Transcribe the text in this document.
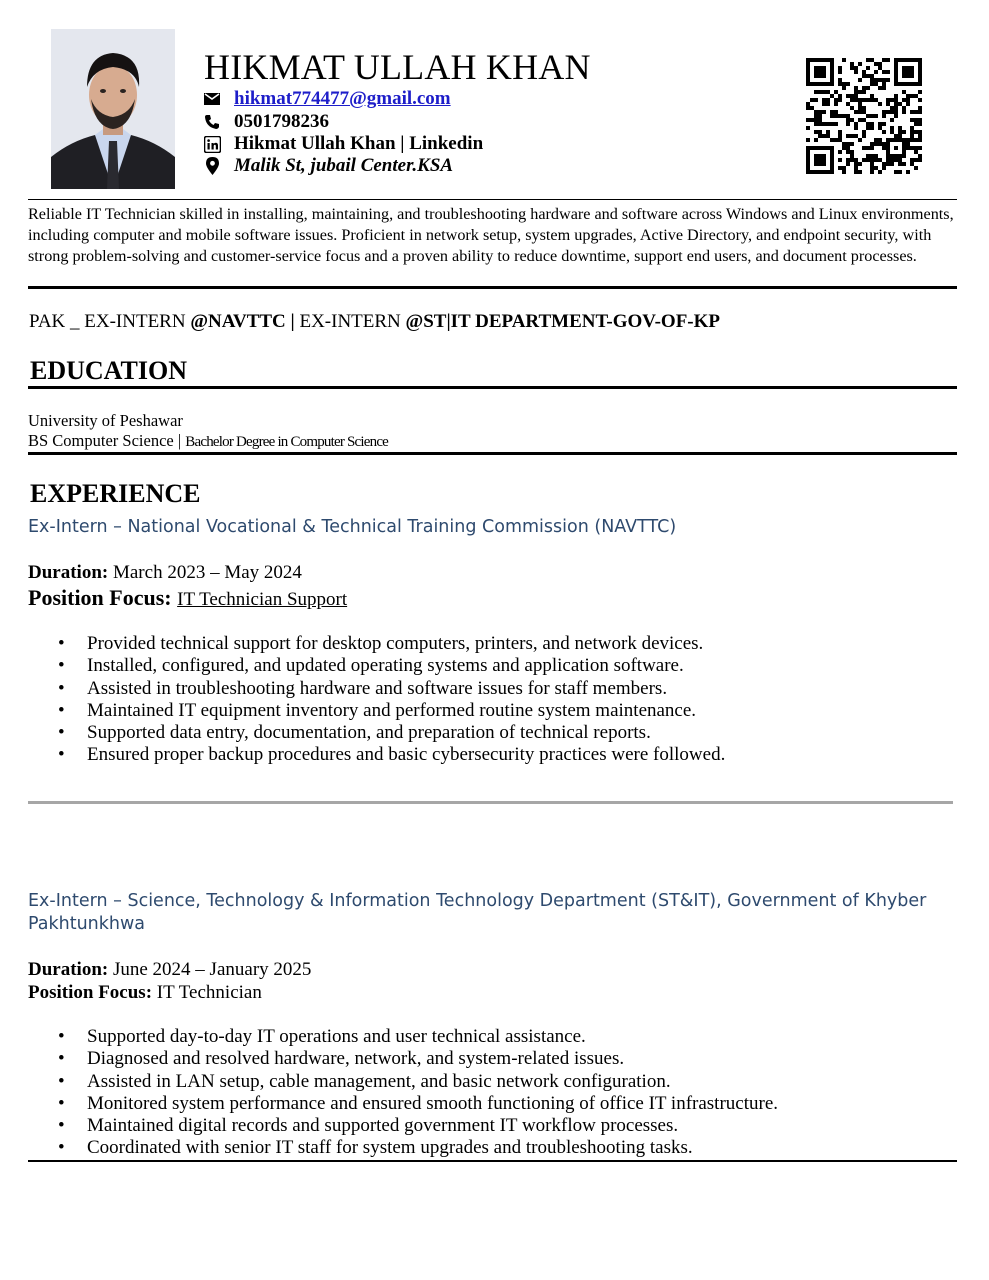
HIKMAT ULLAH KHAN
hikmat774477@gmail.com
0501798236
Hikmat Ullah Khan | Linkedin
Malik St, jubail Center.KSA
Reliable IT Technician skilled in installing, maintaining, and troubleshooting hardware and software across Windows and Linux environments, including computer and mobile software issues. Proficient in network setup, system upgrades, Active Directory, and endpoint security, with strong problem-solving and customer-service focus and a proven ability to reduce downtime, support end users, and document processes.
PAK _ EX-INTERN @NAVTTC | EX-INTERN @ST|IT DEPARTMENT-GOV-OF-KP
EDUCATION
University of Peshawar
BS Computer Science | Bachelor Degree in Computer Science
EXPERIENCE
Ex-Intern – National Vocational & Technical Training Commission (NAVTTC)
Duration: March 2023 – May 2024
Position Focus: IT Technician Support
• Provided technical support for desktop computers, printers, and network devices.
• Installed, configured, and updated operating systems and application software.
• Assisted in troubleshooting hardware and software issues for staff members.
• Maintained IT equipment inventory and performed routine system maintenance.
• Supported data entry, documentation, and preparation of technical reports.
• Ensured proper backup procedures and basic cybersecurity practices were followed.
Ex-Intern – Science, Technology & Information Technology Department (ST&IT), Government of Khyber Pakhtunkhwa
Duration: June 2024 – January 2025
Position Focus: IT Technician
• Supported day-to-day IT operations and user technical assistance.
• Diagnosed and resolved hardware, network, and system-related issues.
• Assisted in LAN setup, cable management, and basic network configuration.
• Monitored system performance and ensured smooth functioning of office IT infrastructure.
• Maintained digital records and supported government IT workflow processes.
• Coordinated with senior IT staff for system upgrades and troubleshooting tasks.
